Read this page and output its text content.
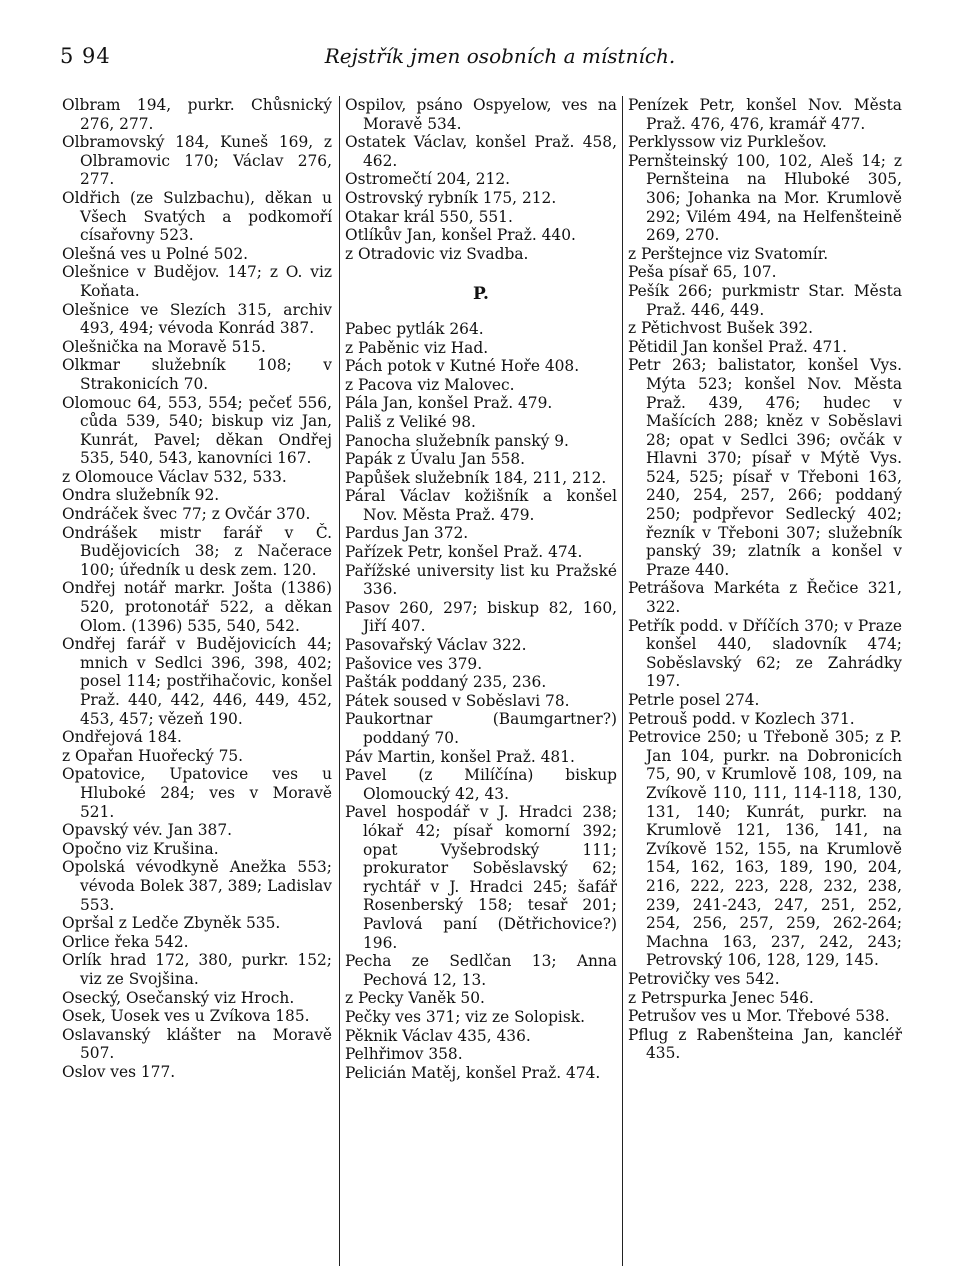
5 94	Rejstřík jmen osobních a místních.

Olbram 194, purkr. Chůsnický 276, 277.

Olbramovský 184, Kuneš 169, z Olbramovic 170; Václav 276, 277.

Oldřich (ze Sulzbachu), děkan u Všech Svatých a podkomoří císařovny 523.

Olešná ves u Polné 502.

Olešnice v Budějov. 147; z O. viz Koňata.

Olešnice ve Slezích 315, archiv 493, 494; vévoda Konrád 387.

Olešnička na Moravě 515.

Olkmar služebník 108; v Strakonicích 70.

Olomouc 64, 553, 554; pečeť 556, cůda 539, 540; biskup viz Jan, Kunrát, Pavel; děkan Ondřej 535, 540, 543, kanovníci 167.

z Olomouce Václav 532, 533.

Ondra služebník 92.

Ondráček švec 77; z Ovčár 370.

Ondrášek mistr farář v Č. Budějovicích 38; z Načerace 100; úředník u desk zem. 120.

Ondřej notář markr. Jošta (1386) 520, protonotář 522, a děkan Olom. (1396) 535, 540, 542.

Ondřej farář v Budějovicích 44; mnich v Sedlci 396, 398, 402; posel 114; postřihačovic, konšel Praž. 440, 442, 446, 449, 452, 453, 457; vězeň 190.

Ondřejová 184.

z Opařan Huořecký 75.

Opatovice, Upatovice ves u Hluboké 284; ves v Moravě 521.

Opavský vév. Jan 387.

Opočno viz Krušina.

Opolská vévodkyně Anežka 553; vévoda Bolek 387, 389; Ladislav 553.

Opršal z Ledče Zbyněk 535.

Orlice řeka 542.

Orlík hrad 172, 380, purkr. 152; viz ze Svojšina.

Osecký, Osečanský viz Hroch.

Osek, Uosek ves u Zvíkova 185.

Oslavanský klášter na Moravě 507.

Oslov ves 177.

Ospilov, psáno Ospyelow, ves na Moravě 534.

Ostatek Václav, konšel Praž. 458, 462.

Ostromečtí 204, 212.

Ostrovský rybník 175, 212.

Otakar král 550, 551.

Otlíkův Jan, konšel Praž. 440.

z Otradovic viz Svadba.

P.

Pabec pytlák 264.

z Paběnic viz Had.

Pách potok v Kutné Hoře 408.

z Pacova viz Malovec.

Pála Jan, konšel Praž. 479.

Pališ z Veliké 98.

Panocha služebník panský 9.

Papák z Úvalu Jan 558.

Papůšek služebník 184, 211, 212.

Páral Václav kožišník a konšel Nov. Města Praž. 479.

Pardus Jan 372.

Pařízek Petr, konšel Praž. 474.

Pařížské university list ku Pražské 336.

Pasov 260, 297; biskup 82, 160, Jiří 407.

Pasovařský Václav 322.

Pašovice ves 379.

Pašták poddaný 235, 236.

Pátek soused v Soběslavi 78.

Paukortnar (Baumgartner?) poddaný 70.

Páv Martin, konšel Praž. 481.

Pavel (z Milíčína) biskup Olomoucký 42, 43.

Pavel hospodář v J. Hradci 238; lókař 42; písař komorní 392; opat Vyšebrodský 111; prokurator Soběslavský 62; rychtář v J. Hradci 245; šafář Rosenberský 158; tesař 201; Pavlová paní (Dětřichovice?) 196.

Pecha ze Sedlčan 13; Anna Pechová 12, 13.

z Pecky Vaněk 50.

Pečky ves 371; viz ze Solopisk.

Pěknik Václav 435, 436.

Pelhřimov 358.

Pelicián Matěj, konšel Praž. 474.

Penízek Petr, konšel Nov. Města Praž. 476, 476, kramář 477.

Perklyssow viz Purklešov.

Pernšteinský 100, 102, Aleš 14; z Pernšteina na Hluboké 305, 306; Johanka na Mor. Krumlově 292; Vilém 494, na Helfenšteině 269, 270.

z Perštejnce viz Svatomír.

Peša písař 65, 107.

Pešík 266; purkmistr Star. Města Praž. 446, 449.

z Pětichvost Bušek 392.

Pětidil Jan konšel Praž. 471.

Petr 263; balistator, konšel Vys. Mýta 523; konšel Nov. Města Praž. 439, 476; hudec v Mašících 288; kněz v Soběslavi 28; opat v Sedlci 396; ovčák v Hlavni 370; písař v Mýtě Vys. 524, 525; písař v Třeboni 163, 240, 254, 257, 266; poddaný 250; podpřevor Sedlecký 402; řezník v Třeboni 307; služebník panský 39; zlatník a konšel v Praze 440.

Petrášova Markéta z Řečice 321, 322.

Petřík podd. v Dříčích 370; v Praze konšel 440, sladovník 474; Soběslavský 62; ze Zahrádky 197.

Petrle posel 274.

Petrouš podd. v Kozlech 371.

Petrovice 250; u Třeboně 305; z P. Jan 104, purkr. na Dobronicích 75, 90, v Krumlově 108, 109, na Zvíkově 110, 111, 114-118, 130, 131, 140; Kunrát, purkr. na Krumlově 121, 136, 141, na Zvíkově 152, 155, na Krumlově 154, 162, 163, 189, 190, 204, 216, 222, 223, 228, 232, 238, 239, 241-243, 247, 251, 252, 254, 256, 257, 259, 262-264; Machna 163, 237, 242, 243; Petrovský 106, 128, 129, 145.

Petrovičky ves 542.

z Petrspurka Jenec 546.

Petrušov ves u Mor. Třebové 538.

Pflug z Rabenšteina Jan, kancléř 435.
